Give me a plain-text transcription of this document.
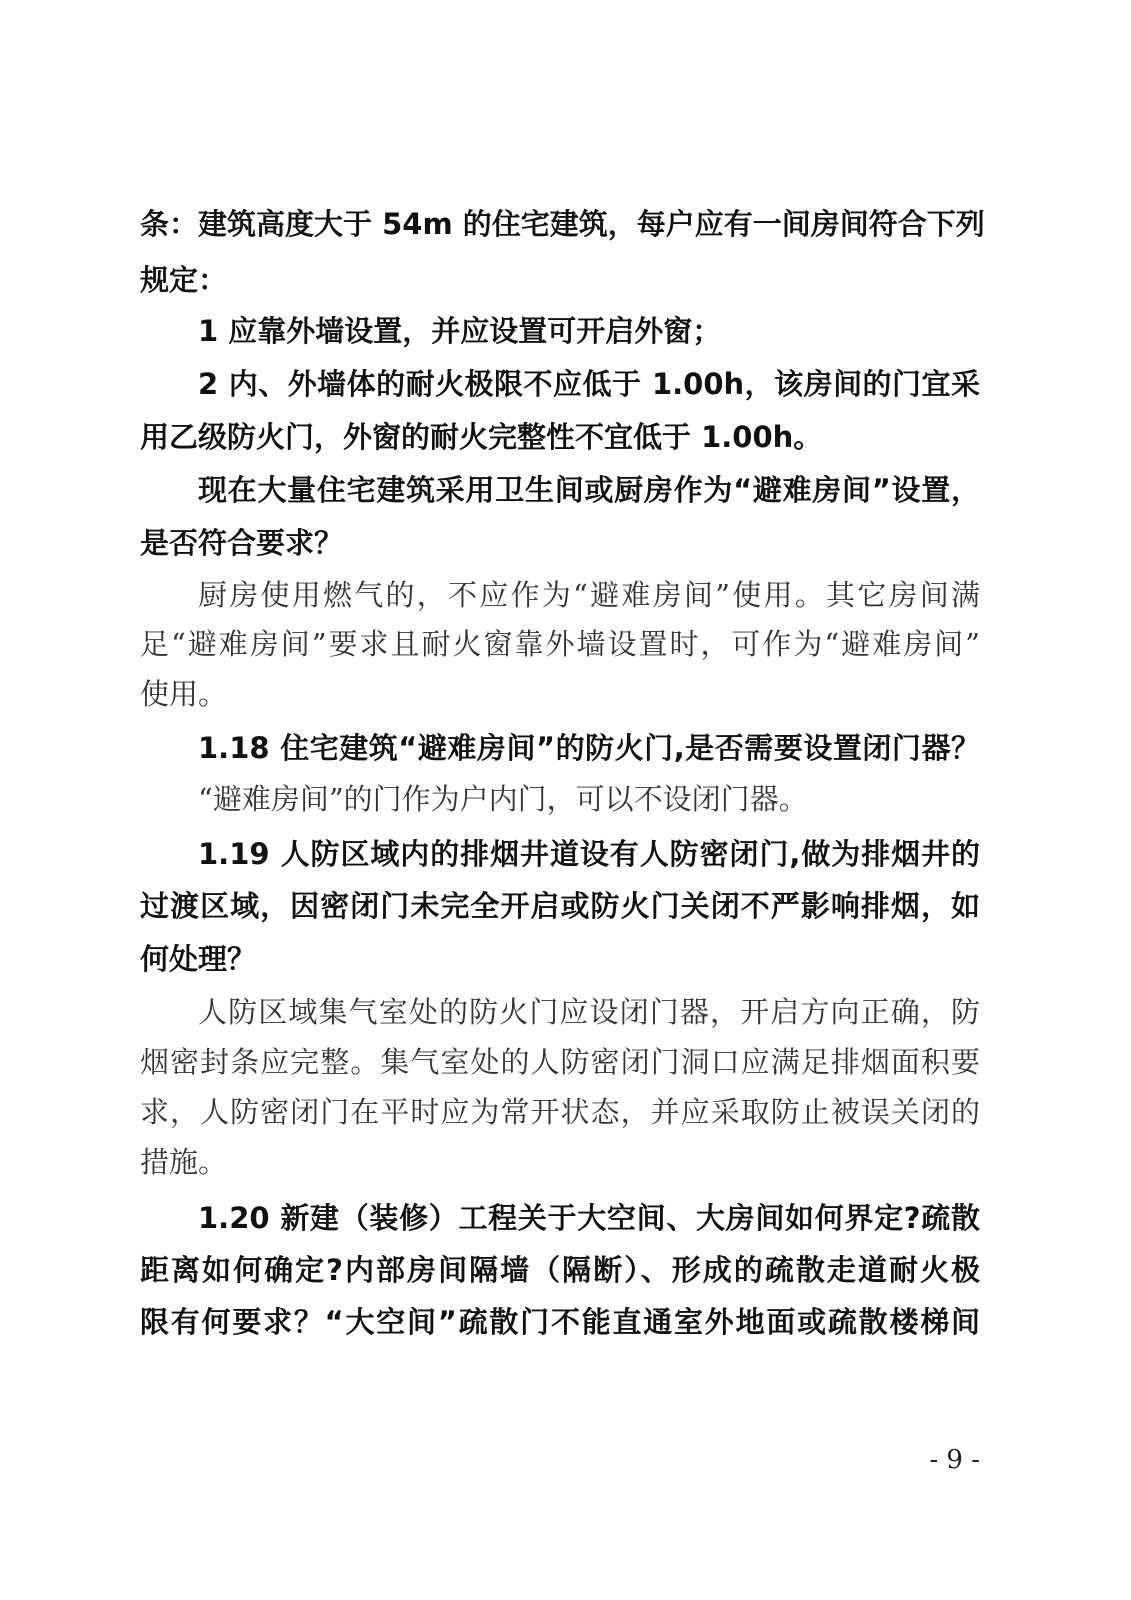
条：建筑高度大于 54m 的住宅建筑，每户应有一间房间符合下列

规定：

1 应靠外墙设置，并应设置可开启外窗；

2 内、外墙体的耐火极限不应低于 1.00h，该房间的门宜采

用乙级防火门，外窗的耐火完整性不宜低于 1.00h。

现在大量住宅建筑采用卫生间或厨房作为“避难房间”设置，

是否符合要求？

厨房使用燃气的，不应作为“避难房间”使用。其它房间满

足“避难房间”要求且耐火窗靠外墙设置时，可作为“避难房间”

使用。

1.18 住宅建筑“避难房间”的防火门,是否需要设置闭门器？

“避难房间”的门作为户内门，可以不设闭门器。

1.19 人防区域内的排烟井道设有人防密闭门,做为排烟井的

过渡区域，因密闭门未完全开启或防火门关闭不严影响排烟，如

何处理？

人防区域集气室处的防火门应设闭门器，开启方向正确，防

烟密封条应完整。集气室处的人防密闭门洞口应满足排烟面积要

求，人防密闭门在平时应为常开状态，并应采取防止被误关闭的

措施。

1.20 新建（装修）工程关于大空间、大房间如何界定?疏散

距离如何确定?内部房间隔墙（隔断）、形成的疏散走道耐火极

限有何要求？“大空间”疏散门不能直通室外地面或疏散楼梯间

- 9 -
